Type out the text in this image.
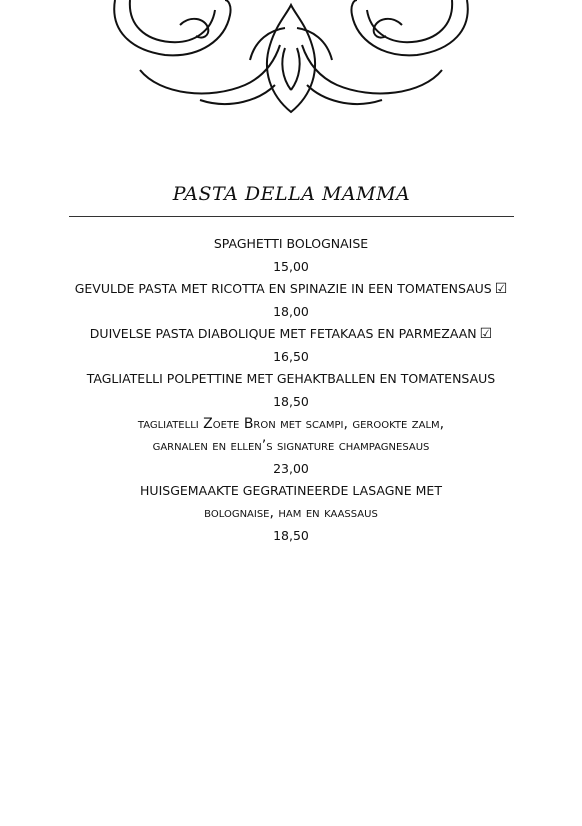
PASTA DELLA MAMMA
SPAGHETTI BOLOGNAISE
15,00
GEVULDE PASTA MET RICOTTA EN SPINAZIE IN EEN TOMATENSAUS ☑
18,00
DUIVELSE PASTA DIABOLIQUE MET FETAKAAS EN PARMEZAAN ☑
16,50
TAGLIATELLI POLPETTINE MET GEHAKTBALLEN EN TOMATENSAUS
18,50
tagliatelli Zoete Bron met scampi, gerookte zalm,
garnalen en ellen’s signature champagnesaus
23,00
HUISGEMAAKTE GEGRATINEERDE LASAGNE MET
bolognaise, ham en kaassaus
18,50
